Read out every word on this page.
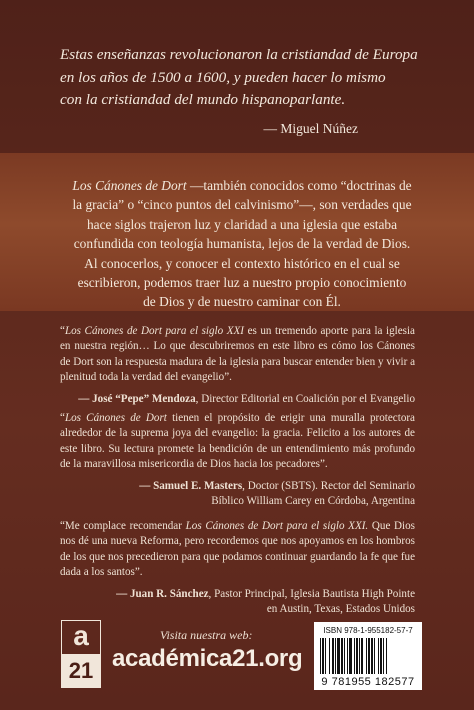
Estas enseñanzas revolucionaron la cristiandad de Europa
en los años de 1500 a 1600, y pueden hacer lo mismo
con la cristiandad del mundo hispanoparlante.
— Miguel Núñez
Los Cánones de Dort —también conocidos como “doctrinas de la gracia” o “cinco puntos del calvinismo”—, son verdades que hace siglos trajeron luz y claridad a una iglesia que estaba confundida con teología humanista, lejos de la verdad de Dios. Al conocerlos, y conocer el contexto histórico en el cual se escribieron, podemos traer luz a nuestro propio conocimiento de Dios y de nuestro caminar con Él.

“Los Cánones de Dort para el siglo XXI es un tremendo aporte para la iglesia en nuestra región… Lo que descubriremos en este libro es cómo los Cánones de Dort son la respuesta madura de la iglesia para buscar entender bien y vivir a plenitud toda la verdad del evangelio”.

— José “Pepe” Mendoza, Director Editorial en Coalición por el Evangelio

“Los Cánones de Dort tienen el propósito de erigir una muralla protectora alrededor de la suprema joya del evangelio: la gracia. Felicito a los autores de este libro. Su lectura promete la bendición de un entendimiento más profundo de la maravillosa misericordia de Dios hacia los pecadores”.

— Samuel E. Masters, Doctor (SBTS). Rector del Seminario
Bíblico William Carey en Córdoba, Argentina

“Me complace recomendar Los Cánones de Dort para el siglo XXI. Que Dios nos dé una nueva Reforma, pero recordemos que nos apoyamos en los hombros de los que nos precedieron para que podamos continuar guardando la fe que fue dada a los santos”.

— Juan R. Sánchez, Pastor Principal, Iglesia Bautista High Pointe
en Austin, Texas, Estados Unidos
a
21
Visita nuestra web:
académica21.org
ISBN 978-1-955182-57-7
9 781955 182577
